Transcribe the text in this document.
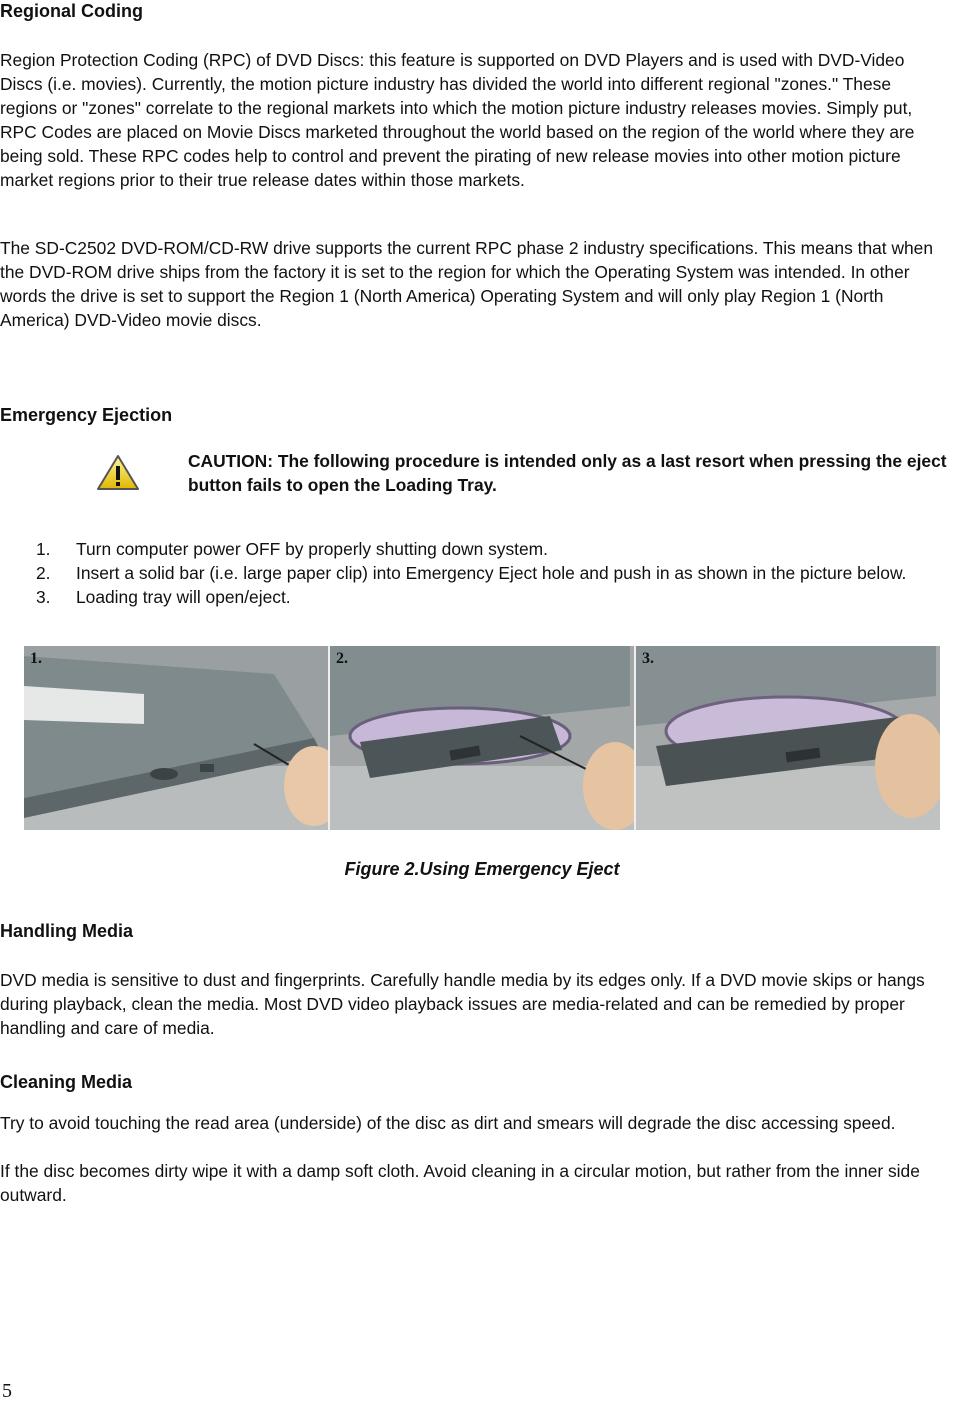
Regional Coding

Region Protection Coding (RPC) of DVD Discs: this feature is supported on DVD Players and is used with DVD-Video Discs (i.e. movies). Currently, the motion picture industry has divided the world into different regional "zones." These regions or "zones" correlate to the regional markets into which the motion picture industry releases movies. Simply put, RPC Codes are placed on Movie Discs marketed throughout the world based on the region of the world where they are being sold. These RPC codes help to control and prevent the pirating of new release movies into other motion picture market regions prior to their true release dates within those markets.

The SD-C2502 DVD-ROM/CD-RW drive supports the current RPC phase 2 industry specifications. This means that when the DVD-ROM drive ships from the factory it is set to the region for which the Operating System was intended. In other words the drive is set to support the Region 1 (North America) Operating System and will only play Region 1 (North America) DVD-Video movie discs.

Emergency Ejection
CAUTION: The following procedure is intended only as a last resort when pressing the eject button fails to open the Loading Tray.
1. Turn computer power OFF by properly shutting down system.
2. Insert a solid bar (i.e. large paper clip) into Emergency Eject hole and push in as shown in the picture below.
3. Loading tray will open/eject.
1.	2.	3.
Figure 2.Using Emergency Eject
Handling Media

DVD media is sensitive to dust and fingerprints. Carefully handle media by its edges only. If a DVD movie skips or hangs during playback, clean the media. Most DVD video playback issues are media-related and can be remedied by proper handling and care of media.

Cleaning Media

Try to avoid touching the read area (underside) of the disc as dirt and smears will degrade the disc accessing speed.

If the disc becomes dirty wipe it with a damp soft cloth. Avoid cleaning in a circular motion, but rather from the inner side outward.

5
